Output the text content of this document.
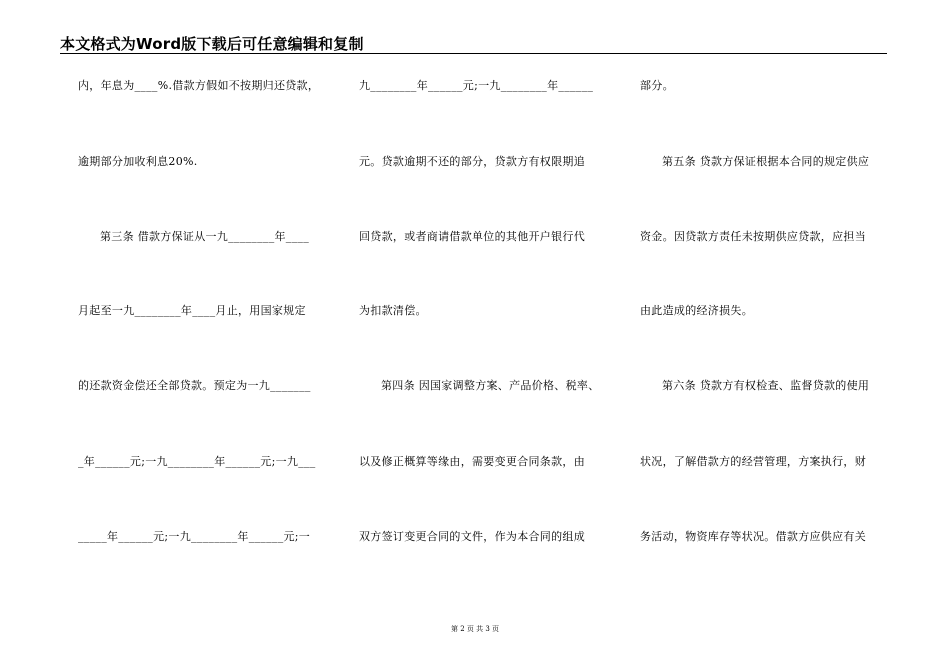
本文格式为Word版下载后可任意编辑和复制
内，年息为____%.借款方假如不按期归还贷款，
逾期部分加收利息20%.
第三条 借款方保证从一九________年____
月起至一九________年____月止，用国家规定
的还款资金偿还全部贷款。预定为一九_______
_年______元;一九________年______元;一九___
_____年______元;一九________年______元;一
九________年______元;一九________年______
元。贷款逾期不还的部分，贷款方有权限期追
回贷款，或者商请借款单位的其他开户银行代
为扣款清偿。
第四条 因国家调整方案、产品价格、税率、
以及修正概算等缘由，需要变更合同条款，由
双方签订变更合同的文件，作为本合同的组成
部分。
第五条 贷款方保证根据本合同的规定供应
资金。因贷款方责任未按期供应贷款，应担当
由此造成的经济损失。
第六条 贷款方有权检查、监督贷款的使用
状况，了解借款方的经营管理，方案执行，财
务活动，物资库存等状况。借款方应供应有关
第 2 页 共 3 页
